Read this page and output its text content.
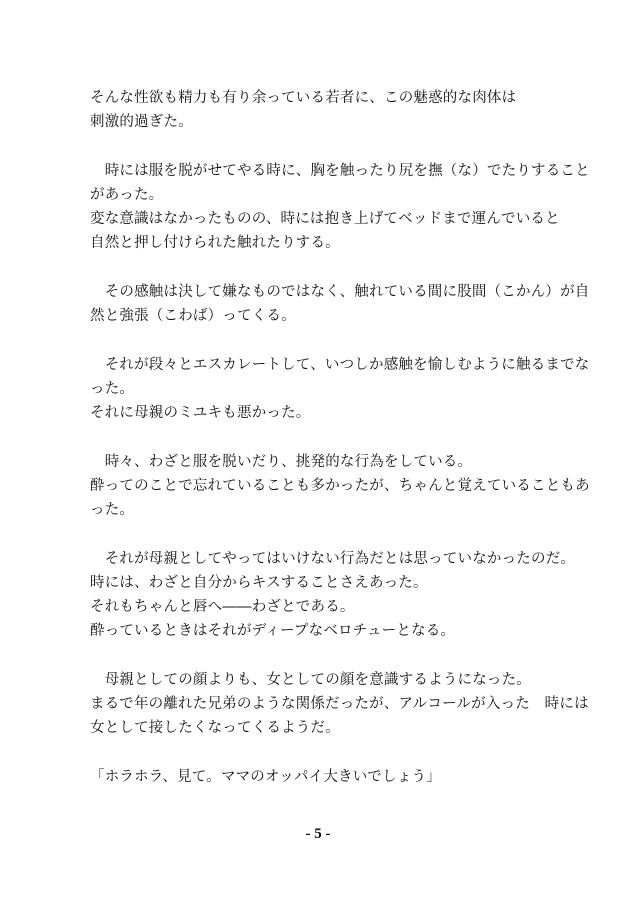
そんな性欲も精力も有り余っている若者に、この魅惑的な肉体は
刺激的過ぎた。

　時には服を脱がせてやる時に、胸を触ったり尻を撫（な）でたりすること
があった。
変な意識はなかったものの、時には抱き上げてベッドまで運んでいると
自然と押し付けられた触れたりする。

　その感触は決して嫌なものではなく、触れている間に股間（こかん）が自
然と強張（こわば）ってくる。

　それが段々とエスカレートして、いつしか感触を愉しむように触るまでな
った。
それに母親のミユキも悪かった。

　時々、わざと服を脱いだり、挑発的な行為をしている。
酔ってのことで忘れていることも多かったが、ちゃんと覚えていることもあ
った。

　それが母親としてやってはいけない行為だとは思っていなかったのだ。
時には、わざと自分からキスすることさえあった。
それもちゃんと唇へ――わざとである。
酔っているときはそれがディープなベロチューとなる。

　母親としての顔よりも、女としての顔を意識するようになった。
まるで年の離れた兄弟のような関係だったが、アルコールが入った　時には
女として接したくなってくるようだ。

「ホラホラ、見て。ママのオッパイ大きいでしょう」

- 5 -
